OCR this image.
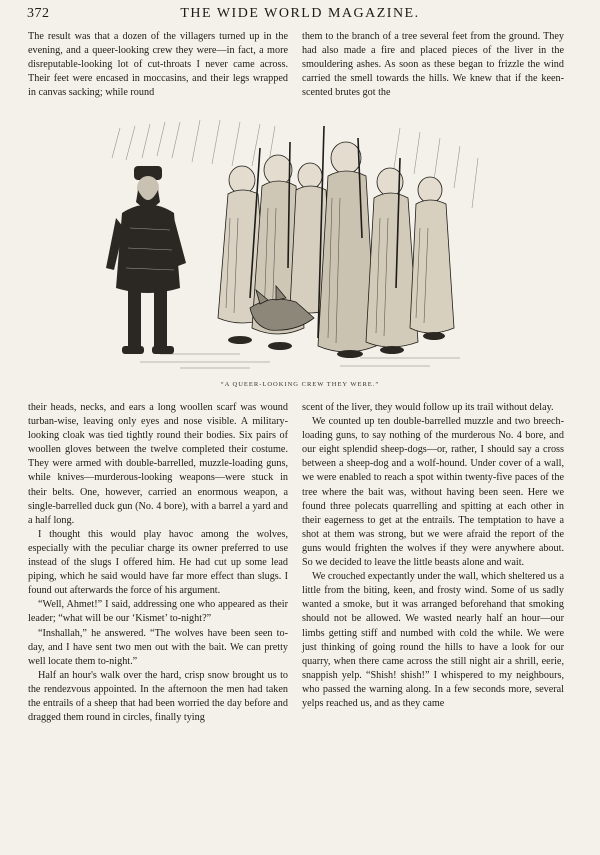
372	THE WIDE WORLD MAGAZINE.

The result was that a dozen of the villagers turned up in the evening, and a queer-looking crew they were—in fact, a more disreputable-looking lot of cut-throats I never came across. Their feet were encased in moccasins, and their legs wrapped in canvas sacking; while round

them to the branch of a tree several feet from the ground. They had also made a fire and placed pieces of the liver in the smouldering ashes. As soon as these began to frizzle the wind carried the smell towards the hills. We knew that if the keen-scented brutes got the

“A QUEER-LOOKING CREW THEY WERE.”

their heads, necks, and ears a long woollen scarf was wound turban-wise, leaving only eyes and nose visible. A military-looking cloak was tied tightly round their bodies. Six pairs of woollen gloves between the twelve completed their costume. They were armed with double-barrelled, muzzle-loading guns, while knives—murderous-looking weapons—were stuck in their belts. One, however, carried an enormous weapon, a single-barrelled duck gun (No. 4 bore), with a barrel a yard and a half long.

I thought this would play havoc among the wolves, especially with the peculiar charge its owner preferred to use instead of the slugs I offered him. He had cut up some lead piping, which he said would have far more effect than slugs. I found out afterwards the force of his argument.

“Well, Ahmet!” I said, addressing one who appeared as their leader; “what will be our ‘Kismet’ to-night?”

“Inshallah,” he answered. “The wolves have been seen to-day, and I have sent two men out with the bait. We can pretty well locate them to-night.”

Half an hour's walk over the hard, crisp snow brought us to the rendezvous appointed. In the afternoon the men had taken the entrails of a sheep that had been worried the day before and dragged them round in circles, finally tying

scent of the liver, they would follow up its trail without delay.

We counted up ten double-barrelled muzzle and two breech-loading guns, to say nothing of the murderous No. 4 bore, and our eight splendid sheep-dogs—or, rather, I should say a cross between a sheep-dog and a wolf-hound. Under cover of a wall, we were enabled to reach a spot within twenty-five paces of the tree where the bait was, without having been seen. Here we found three polecats quarrelling and spitting at each other in their eagerness to get at the entrails. The temptation to have a shot at them was strong, but we were afraid the report of the guns would frighten the wolves if they were anywhere about. So we decided to leave the little beasts alone and wait.

We crouched expectantly under the wall, which sheltered us a little from the biting, keen, and frosty wind. Some of us sadly wanted a smoke, but it was arranged beforehand that smoking should not be allowed. We wasted nearly half an hour—our limbs getting stiff and numbed with cold the while. We were just thinking of going round the hills to have a look for our quarry, when there came across the still night air a shrill, eerie, snappish yelp. “Shish! shish!” I whispered to my neighbours, who passed the warning along. In a few seconds more, several yelps reached us, and as they came
